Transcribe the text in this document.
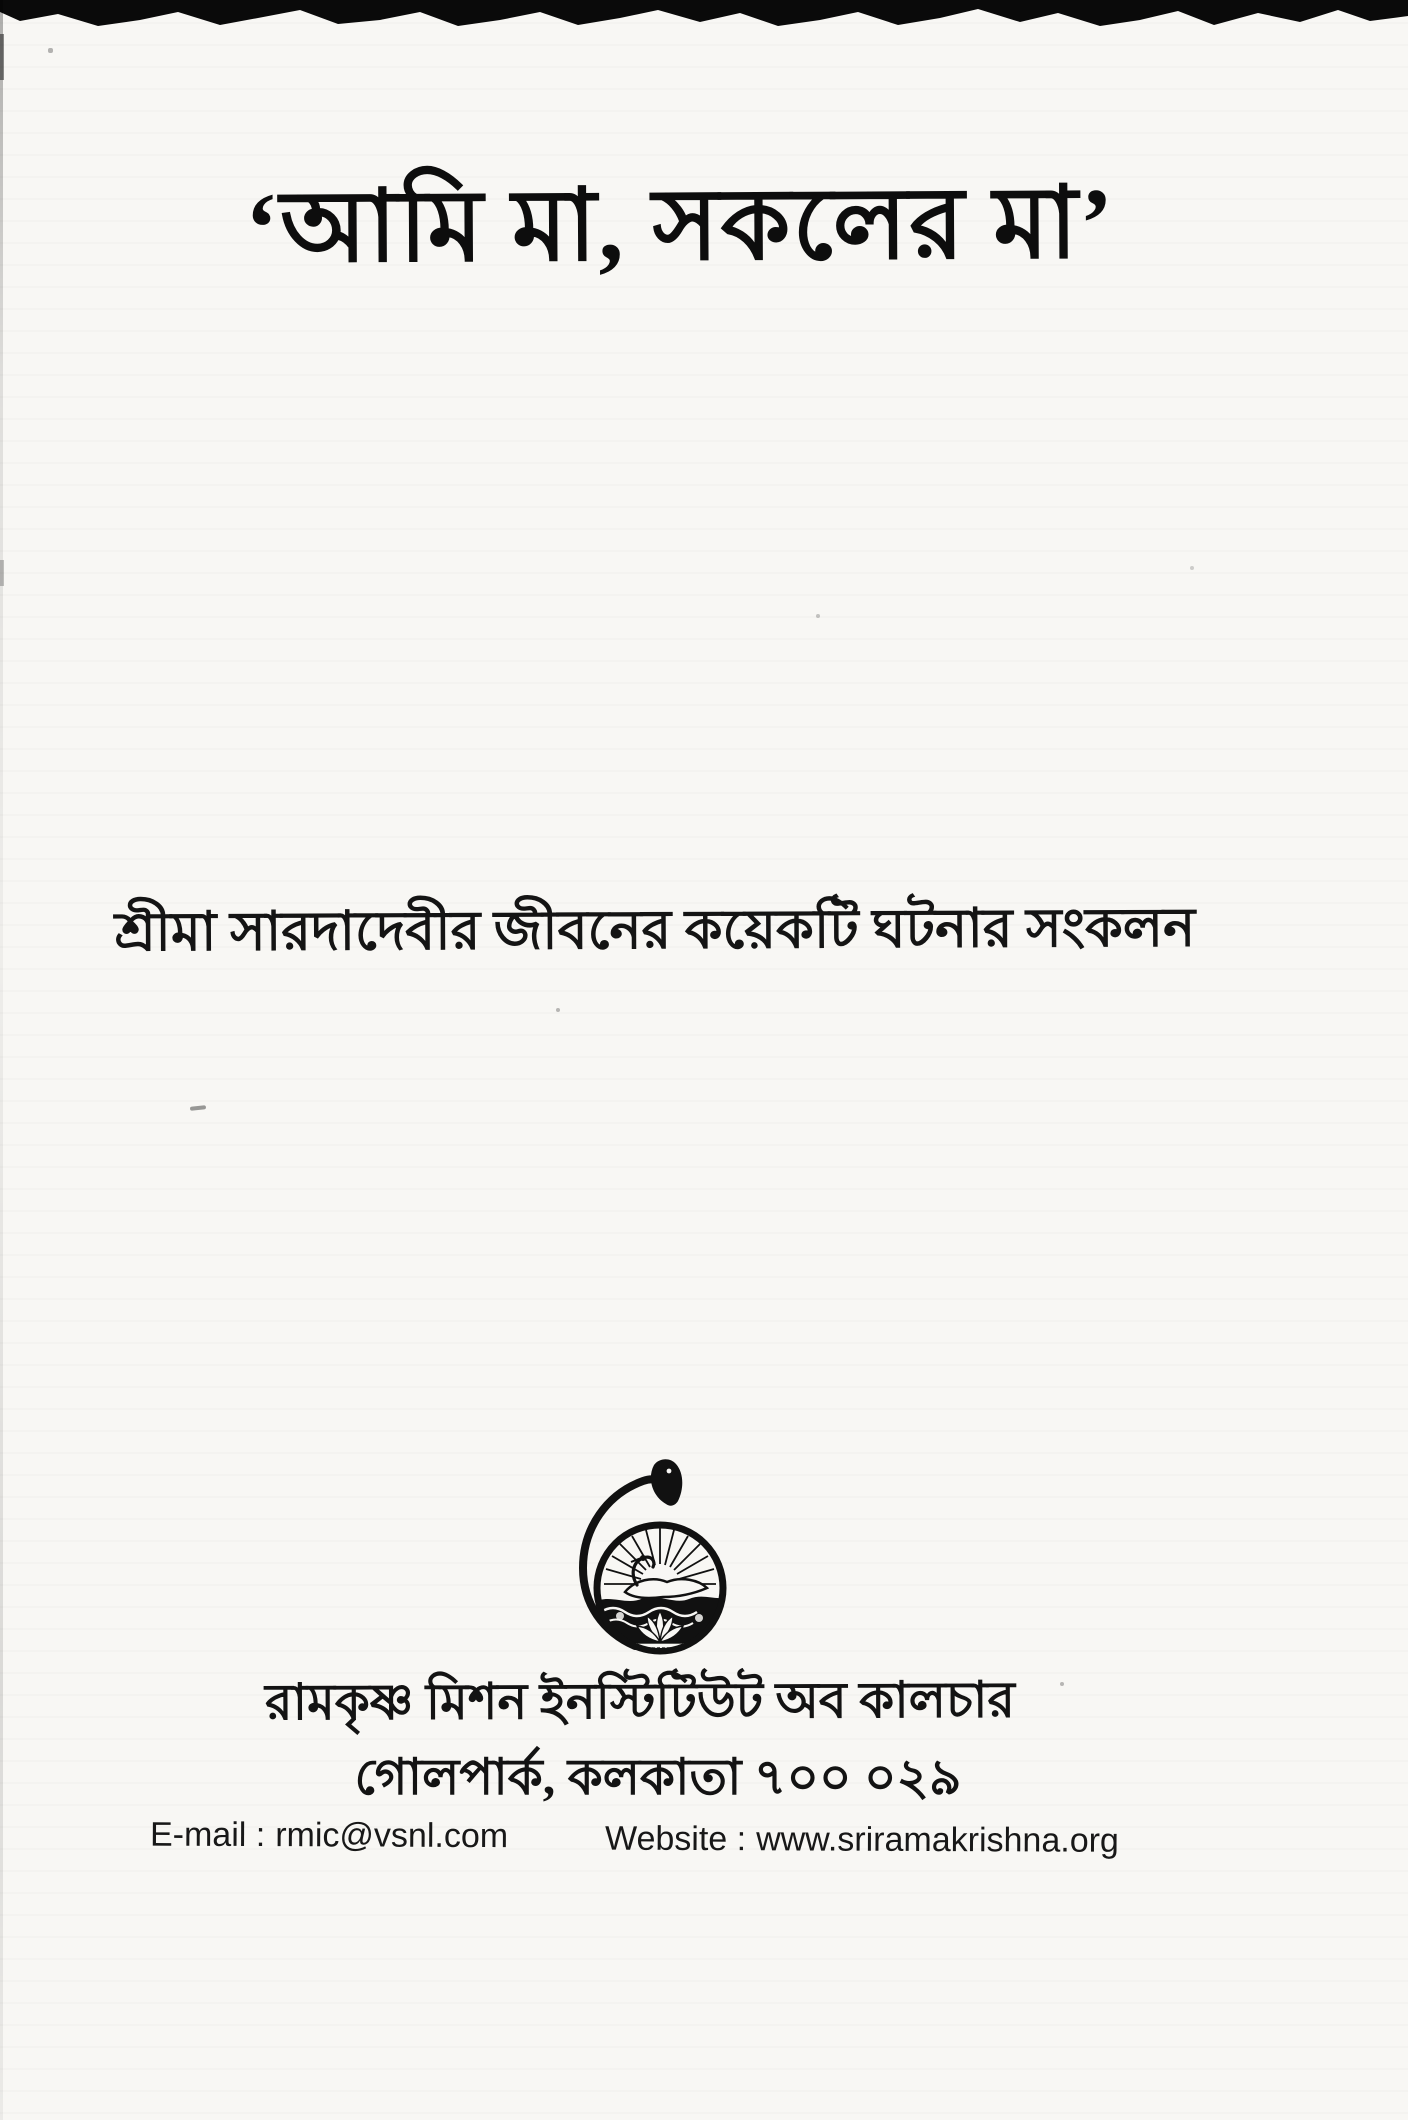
‘আমি মা, সকলের মা’
শ্রীমা সারদাদেবীর জীবনের কয়েকটি ঘটনার সংকলন
রামকৃষ্ণ মিশন ইনস্টিটিউট অব কালচার
গোলপার্ক, কলকাতা ৭০০ ০২৯
E-mail : rmic@vsnl.com	Website : www.sriramakrishna.org
